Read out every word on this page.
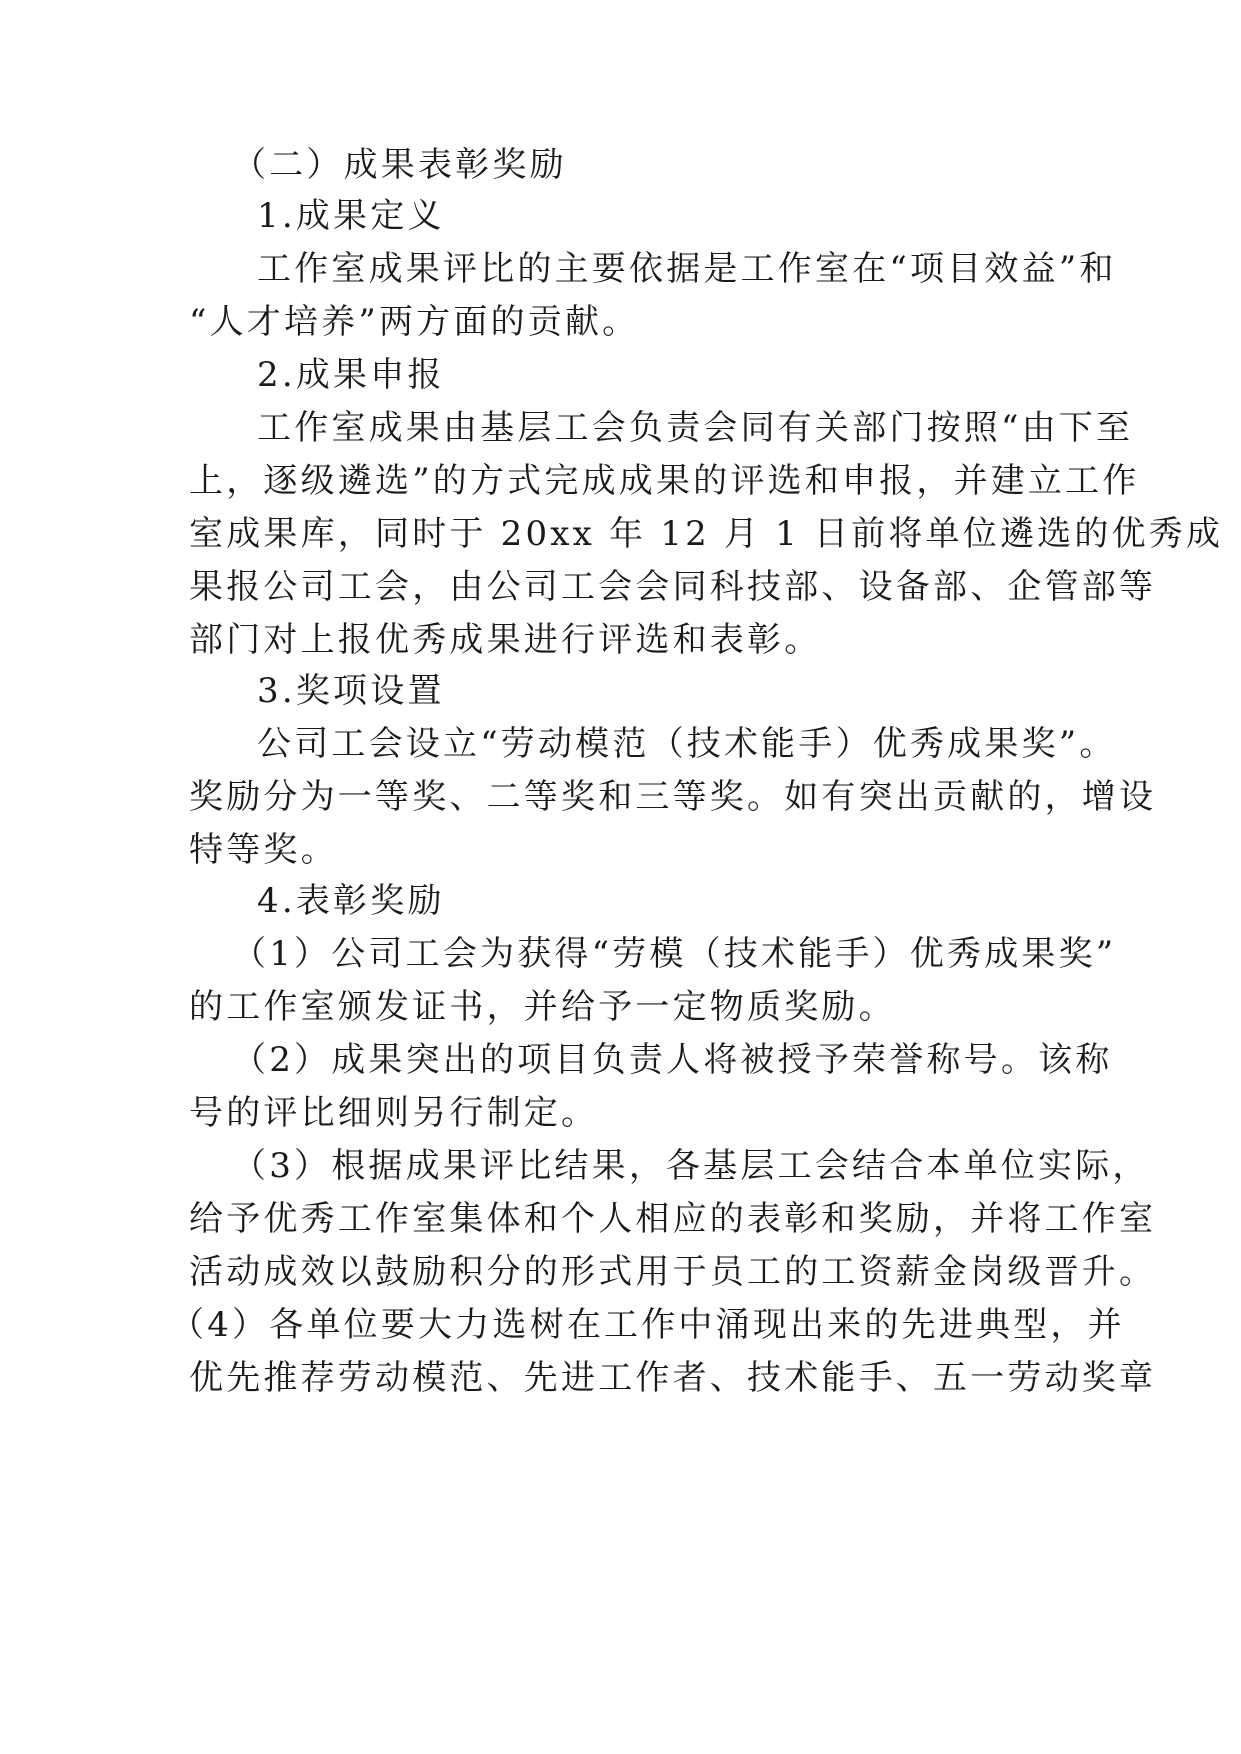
（二）成果表彰奖励
1.成果定义
工作室成果评比的主要依据是工作室在“项目效益”和
“人才培养”两方面的贡献。
2.成果申报
工作室成果由基层工会负责会同有关部门按照“由下至
上，逐级遴选”的方式完成成果的评选和申报，并建立工作
室成果库，同时于 20xx 年 12 月 1 日前将单位遴选的优秀成
果报公司工会，由公司工会会同科技部、设备部、企管部等
部门对上报优秀成果进行评选和表彰。
3.奖项设置
公司工会设立“劳动模范（技术能手）优秀成果奖”。
奖励分为一等奖、二等奖和三等奖。如有突出贡献的，增设
特等奖。
4.表彰奖励
（1）公司工会为获得“劳模（技术能手）优秀成果奖”
的工作室颁发证书，并给予一定物质奖励。
（2）成果突出的项目负责人将被授予荣誉称号。该称
号的评比细则另行制定。
（3）根据成果评比结果，各基层工会结合本单位实际，
给予优秀工作室集体和个人相应的表彰和奖励，并将工作室
活动成效以鼓励积分的形式用于员工的工资薪金岗级晋升。
（4）各单位要大力选树在工作中涌现出来的先进典型，并
优先推荐劳动模范、先进工作者、技术能手、五一劳动奖章
